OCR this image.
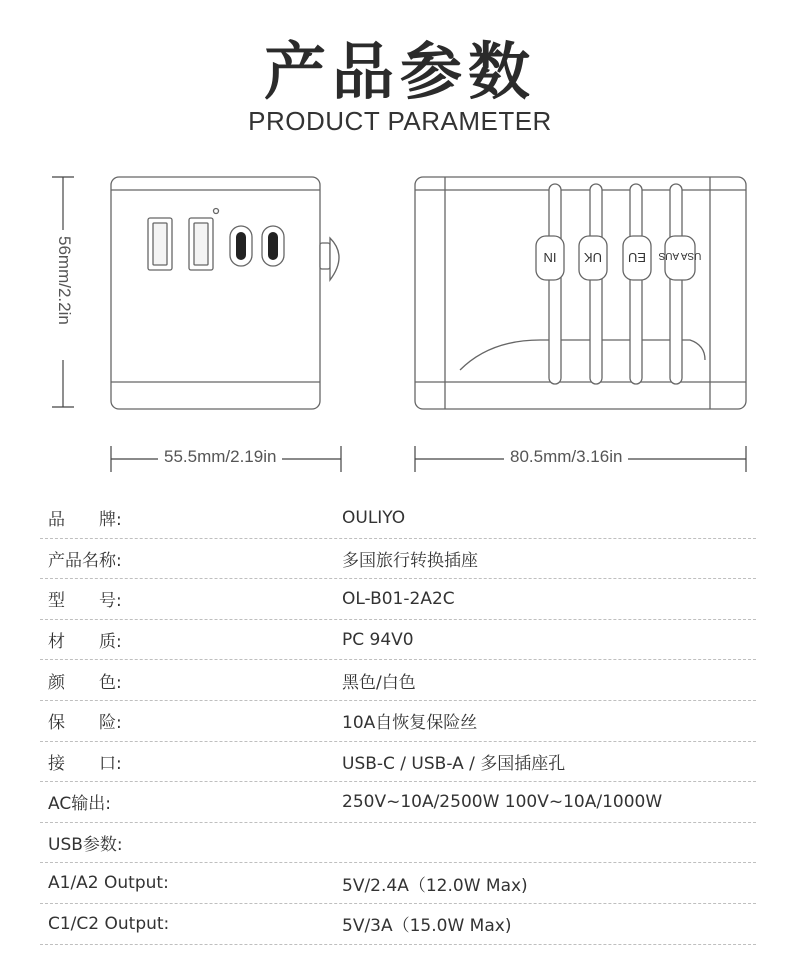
产品参数
PRODUCT PARAMETER
IN UK EU USA AUS
55.5mm/2.19in	80.5mm/3.16in
56mm/2.2in
品　　牌:	OULIYO
产品名称:	多国旅行转换插座
型　　号:	OL-B01-2A2C
材　　质:	PC 94V0
颜　　色:	黑色/白色
保　　险:	10A自恢复保险丝
接　　口:	USB-C / USB-A / 多国插座孔
AC输出:	250V~10A/2500W 100V~10A/1000W
USB参数:
A1/A2 Output:	5V/2.4A（12.0W Max)
C1/C2 Output:	5V/3A（15.0W Max)
